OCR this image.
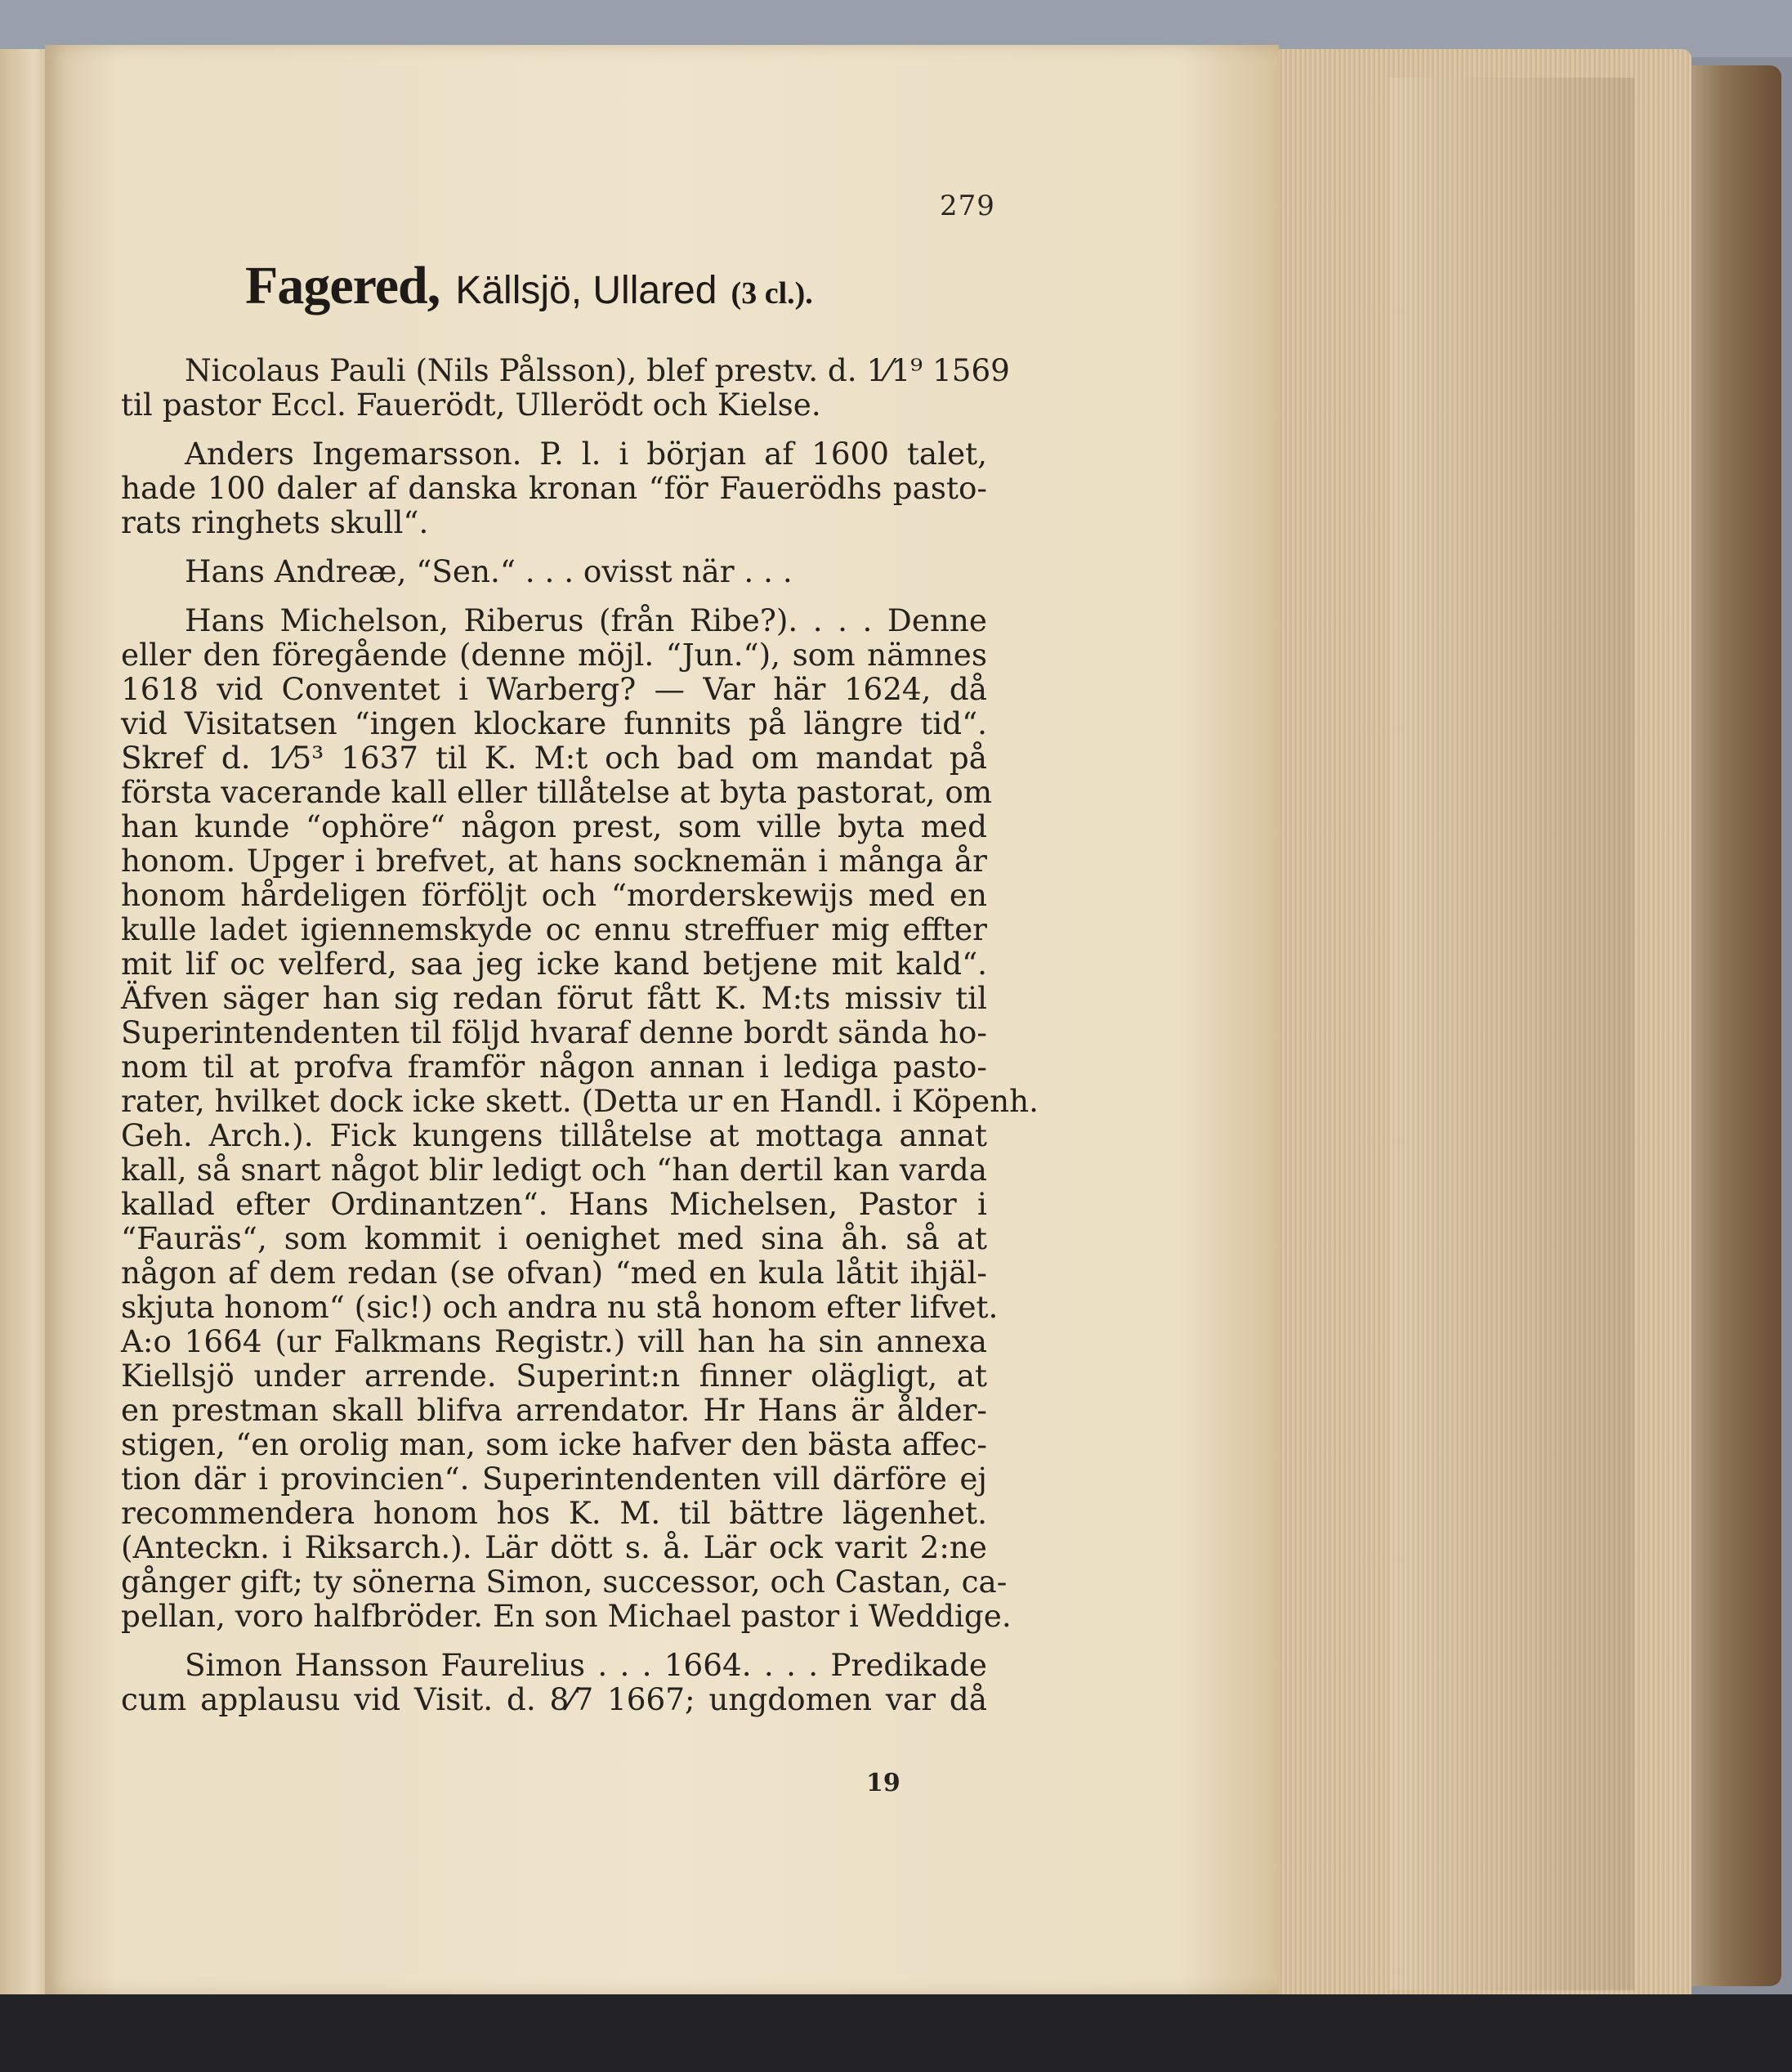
279
Fagered, Källsjö, Ullared (3 cl.).
Nicolaus Pauli (Nils Pålsson), blef prestv. d. 1⁄1⁹ 1569
til pastor Eccl. Fauerödt, Ullerödt och Kielse.
Anders Ingemarsson. P. l. i början af 1600 talet,
hade 100 daler af danska kronan “för Fauerödhs pasto-
rats ringhets skull“.
Hans Andreæ, “Sen.“ . . . ovisst när . . .
Hans Michelson, Riberus (från Ribe?). . . . Denne
eller den föregående (denne möjl. “Jun.“), som nämnes
1618 vid Conventet i Warberg? — Var här 1624, då
vid Visitatsen “ingen klockare funnits på längre tid“.
Skref d. 1⁄5³ 1637 til K. M:t och bad om mandat på
första vacerande kall eller tillåtelse at byta pastorat, om
han kunde “ophöre“ någon prest, som ville byta med
honom. Upger i brefvet, at hans socknemän i många år
honom hårdeligen förföljt och “morderskewijs med en
kulle ladet igiennemskyde oc ennu streffuer mig effter
mit lif oc velferd, saa jeg icke kand betjene mit kald“.
Äfven säger han sig redan förut fått K. M:ts missiv til
Superintendenten til följd hvaraf denne bordt sända ho-
nom til at profva framför någon annan i lediga pasto-
rater, hvilket dock icke skett. (Detta ur en Handl. i Köpenh.
Geh. Arch.). Fick kungens tillåtelse at mottaga annat
kall, så snart något blir ledigt och “han dertil kan varda
kallad efter Ordinantzen“. Hans Michelsen, Pastor i
“Fauräs“, som kommit i oenighet med sina åh. så at
någon af dem redan (se ofvan) “med en kula låtit ihjäl-
skjuta honom“ (sic!) och andra nu stå honom efter lifvet.
A:o 1664 (ur Falkmans Registr.) vill han ha sin annexa
Kiellsjö under arrende. Superint:n finner olägligt, at
en prestman skall blifva arrendator. Hr Hans är ålder-
stigen, “en orolig man, som icke hafver den bästa affec-
tion där i provincien“. Superintendenten vill därföre ej
recommendera honom hos K. M. til bättre lägenhet.
(Anteckn. i Riksarch.). Lär dött s. å. Lär ock varit 2:ne
gånger gift; ty sönerna Simon, successor, och Castan, ca-
pellan, voro halfbröder. En son Michael pastor i Weddige.
Simon Hansson Faurelius . . . 1664. . . . Predikade
cum applausu vid Visit. d. 8⁄7 1667; ungdomen var då
19
